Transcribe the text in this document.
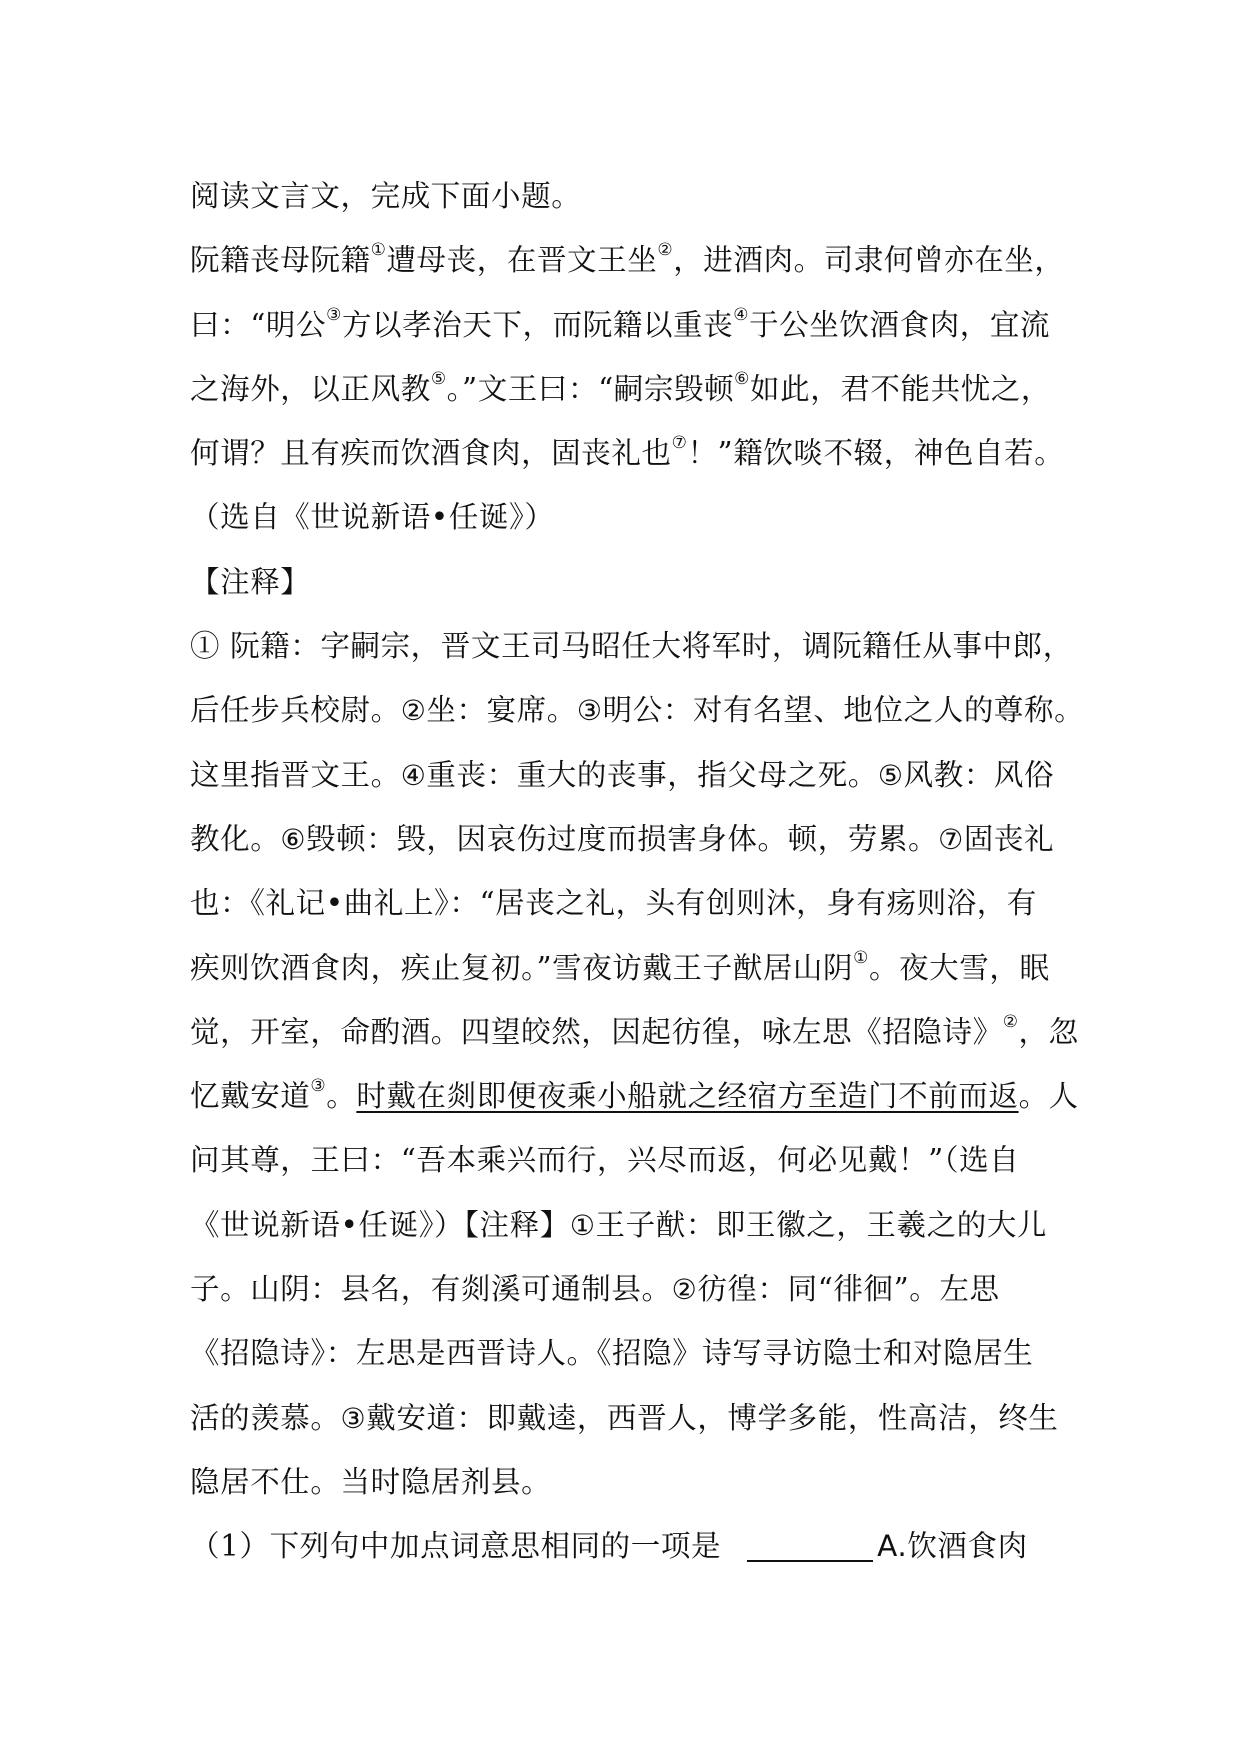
阅读文言文，完成下面小题。
阮籍丧母阮籍①遭母丧，在晋文王坐②，进酒肉。司隶何曾亦在坐，
曰：“明公③方以孝治天下，而阮籍以重丧④于公坐饮酒食肉，宜流
之海外，以正风教⑤。”文王曰：“嗣宗毁顿⑥如此，君不能共忧之，
何谓？且有疾而饮酒食肉，固丧礼也⑦！”籍饮啖不辍，神色自若。
（选自《世说新语•任诞》）
【注释】
① 阮籍：字嗣宗，晋文王司马昭任大将军时，调阮籍任从事中郎，
后任步兵校尉。②坐：宴席。③明公：对有名望、地位之人的尊称。
这里指晋文王。④重丧：重大的丧事，指父母之死。⑤风教：风俗
教化。⑥毁顿：毁，因哀伤过度而损害身体。顿，劳累。⑦固丧礼
也：《礼记•曲礼上》：“居丧之礼，头有创则沐，身有疡则浴，有
疾则饮酒食肉，疾止复初。”雪夜访戴王子猷居山阴①。夜大雪，眠
觉，开室，命酌酒。四望皎然，因起彷徨，咏左思《招隐诗》②，忽
忆戴安道③。时戴在剡即便夜乘小船就之经宿方至造门不前而返。人
问其尊，王曰：“吾本乘兴而行，兴尽而返，何必见戴！”（选自
《世说新语•任诞》）【注释】①王子猷：即王徽之，王羲之的大儿
子。山阴：县名，有剡溪可通制县。②彷徨：同“徘徊”。左思
《招隐诗》：左思是西晋诗人。《招隐》诗写寻访隐士和对隐居生
活的羡慕。③戴安道：即戴逵，西晋人，博学多能，性高洁，终生
隐居不仕。当时隐居剂县。
（1）下列句中加点词意思相同的一项是	A.饮酒食肉
